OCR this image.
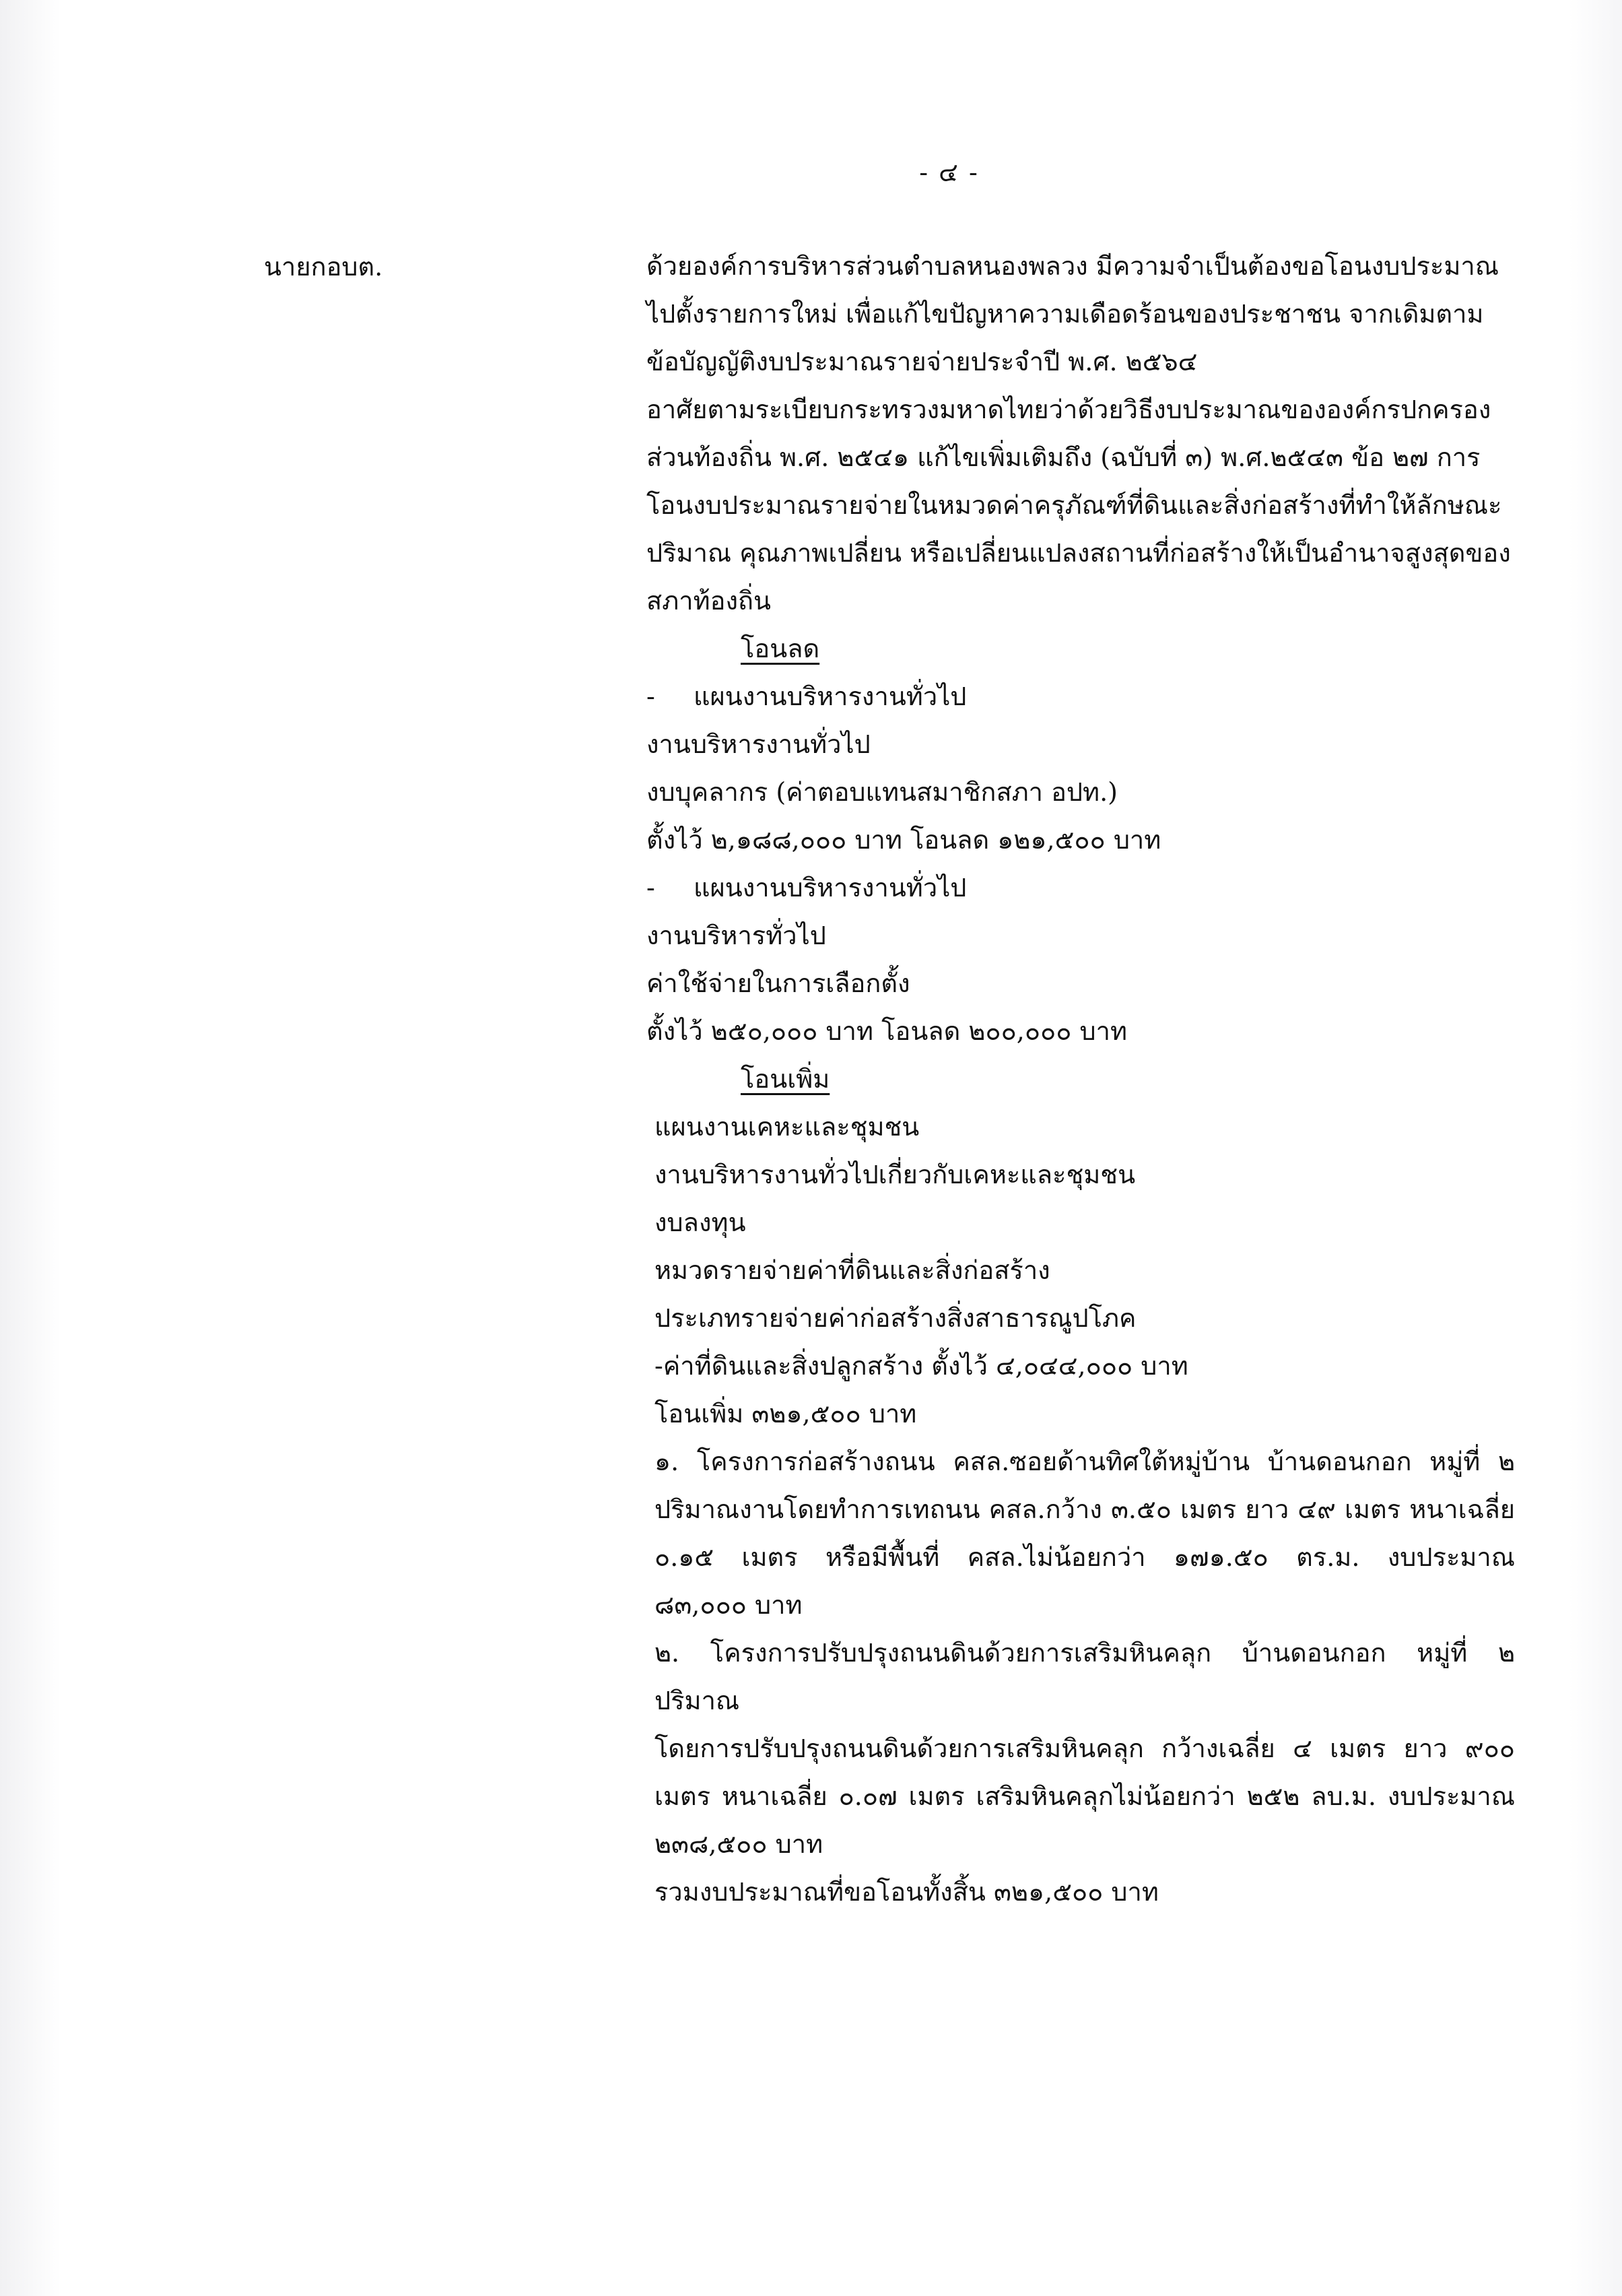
- ๔ -
นายกอบต.	ด้วยองค์การบริหารส่วนตำบลหนองพลวง มีความจำเป็นต้องขอโอนงบประมาณ
ไปตั้งรายการใหม่ เพื่อแก้ไขปัญหาความเดือดร้อนของประชาชน จากเดิมตาม
ข้อบัญญัติงบประมาณรายจ่ายประจำปี พ.ศ. ๒๕๖๔
อาศัยตามระเบียบกระทรวงมหาดไทยว่าด้วยวิธีงบประมาณขององค์กรปกครอง
ส่วนท้องถิ่น พ.ศ. ๒๕๔๑ แก้ไขเพิ่มเติมถึง (ฉบับที่ ๓) พ.ศ.๒๕๔๓ ข้อ ๒๗ การ
โอนงบประมาณรายจ่ายในหมวดค่าครุภัณฑ์ที่ดินและสิ่งก่อสร้างที่ทำให้ลักษณะ
ปริมาณ คุณภาพเปลี่ยน หรือเปลี่ยนแปลงสถานที่ก่อสร้างให้เป็นอำนาจสูงสุดของ
สภาท้องถิ่น
โอนลด
- แผนงานบริหารงานทั่วไป
งานบริหารงานทั่วไป
งบบุคลากร (ค่าตอบแทนสมาชิกสภา อปท.)
ตั้งไว้ ๒,๑๘๘,๐๐๐ บาท โอนลด ๑๒๑,๕๐๐ บาท
- แผนงานบริหารงานทั่วไป
งานบริหารทั่วไป
ค่าใช้จ่ายในการเลือกตั้ง
ตั้งไว้ ๒๕๐,๐๐๐ บาท โอนลด ๒๐๐,๐๐๐ บาท
โอนเพิ่ม
แผนงานเคหะและชุมชน
งานบริหารงานทั่วไปเกี่ยวกับเคหะและชุมชน
งบลงทุน
หมวดรายจ่ายค่าที่ดินและสิ่งก่อสร้าง
ประเภทรายจ่ายค่าก่อสร้างสิ่งสาธารณูปโภค
-ค่าที่ดินและสิ่งปลูกสร้าง ตั้งไว้ ๔,๐๔๔,๐๐๐ บาท
โอนเพิ่ม ๓๒๑,๕๐๐ บาท
๑. โครงการก่อสร้างถนน คสล.ซอยด้านทิศใต้หมู่บ้าน บ้านดอนกอก หมู่ที่ ๒
ปริมาณงานโดยทำการเทถนน คสล.กว้าง ๓.๕๐ เมตร ยาว ๔๙ เมตร หนาเฉลี่ย
๐.๑๕ เมตร หรือมีพื้นที่ คสล.ไม่น้อยกว่า ๑๗๑.๕๐ ตร.ม. งบประมาณ
๘๓,๐๐๐ บาท
๒. โครงการปรับปรุงถนนดินด้วยการเสริมหินคลุก บ้านดอนกอก หมู่ที่ ๒ ปริมาณ
โดยการปรับปรุงถนนดินด้วยการเสริมหินคลุก กว้างเฉลี่ย ๔ เมตร ยาว ๙๐๐
เมตร หนาเฉลี่ย ๐.๐๗ เมตร เสริมหินคลุกไม่น้อยกว่า ๒๕๒ ลบ.ม. งบประมาณ
๒๓๘,๕๐๐ บาท
รวมงบประมาณที่ขอโอนทั้งสิ้น ๓๒๑,๕๐๐ บาท
